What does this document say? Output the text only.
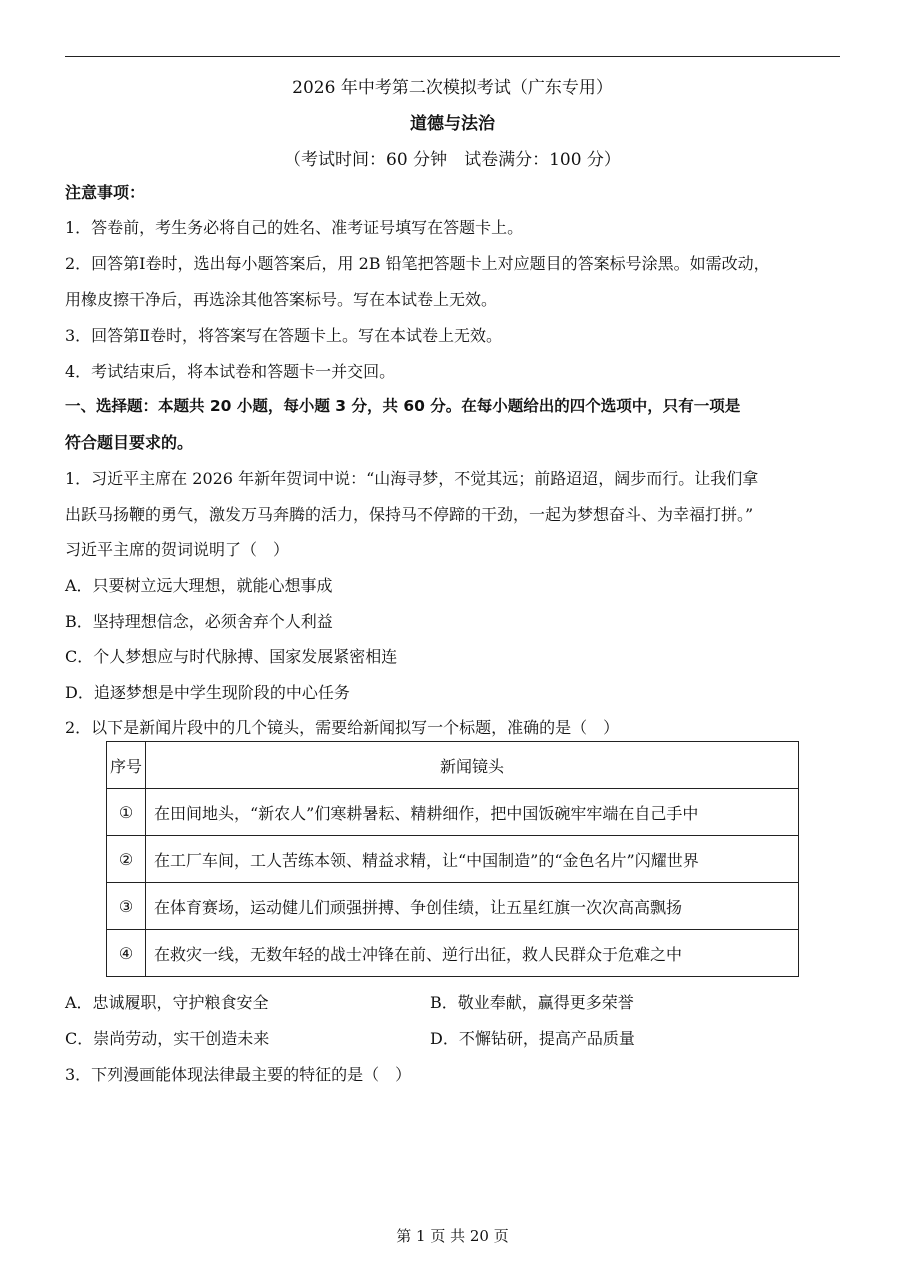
2026 年中考第二次模拟考试（广东专用）
道德与法治
（考试时间：60 分钟　试卷满分：100 分）
注意事项：
1．答卷前，考生务必将自己的姓名、准考证号填写在答题卡上。
2．回答第Ⅰ卷时，选出每小题答案后，用 2B 铅笔把答题卡上对应题目的答案标号涂黑。如需改动，
用橡皮擦干净后，再选涂其他答案标号。写在本试卷上无效。
3．回答第Ⅱ卷时，将答案写在答题卡上。写在本试卷上无效。
4．考试结束后，将本试卷和答题卡一并交回。
一、选择题：本题共 20 小题，每小题 3 分，共 60 分。在每小题给出的四个选项中，只有一项是
符合题目要求的。
1．习近平主席在 2026 年新年贺词中说：“山海寻梦，不觉其远；前路迢迢，阔步而行。让我们拿
出跃马扬鞭的勇气，激发万马奔腾的活力，保持马不停蹄的干劲，一起为梦想奋斗、为幸福打拼。”
习近平主席的贺词说明了（　）
A．只要树立远大理想，就能心想事成
B．坚持理想信念，必须舍弃个人利益
C．个人梦想应与时代脉搏、国家发展紧密相连
D．追逐梦想是中学生现阶段的中心任务
2．以下是新闻片段中的几个镜头，需要给新闻拟写一个标题，准确的是（　）
序号	新闻镜头
①	在田间地头，“新农人”们寒耕暑耘、精耕细作，把中国饭碗牢牢端在自己手中
②	在工厂车间，工人苦练本领、精益求精，让“中国制造”的“金色名片”闪耀世界
③	在体育赛场，运动健儿们顽强拼搏、争创佳绩，让五星红旗一次次高高飘扬
④	在救灾一线，无数年轻的战士冲锋在前、逆行出征，救人民群众于危难之中
A．忠诚履职，守护粮食安全	B．敬业奉献，赢得更多荣誉
C．崇尚劳动，实干创造未来	D．不懈钻研，提高产品质量
3．下列漫画能体现法律最主要的特征的是（　）
第 1 页 共 20 页
